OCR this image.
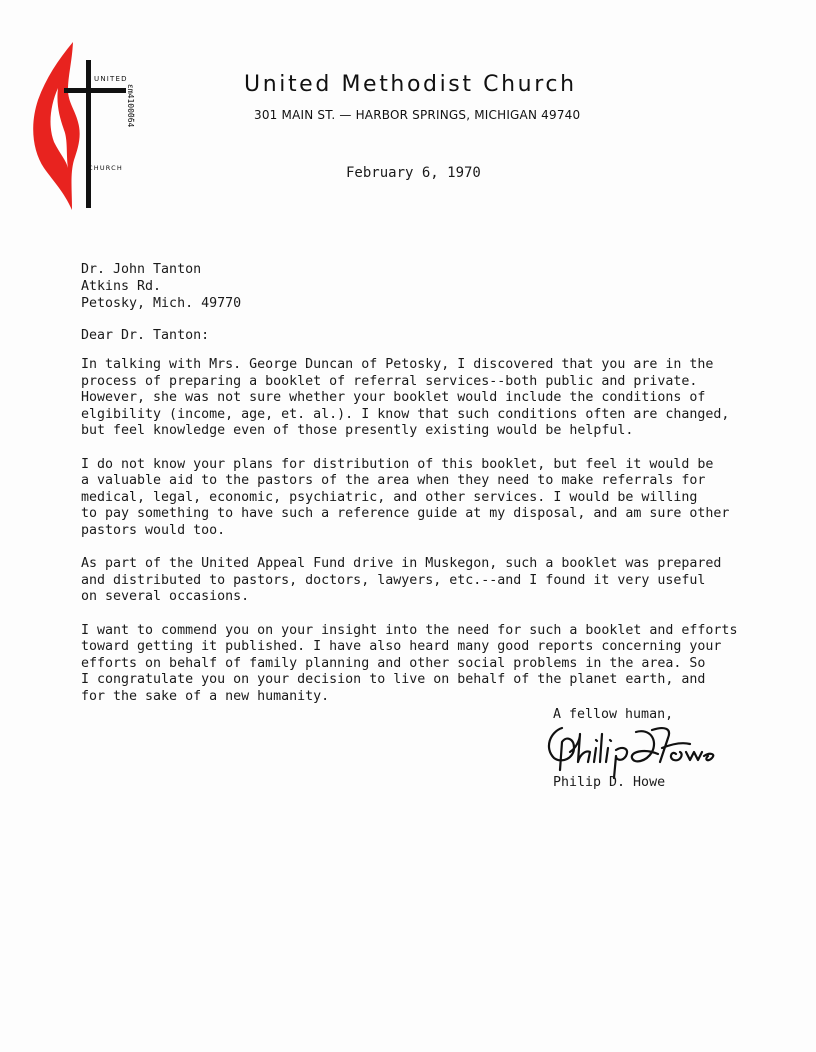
UNITED
CHURCH
ɛm4100̈0̈64	United Methodist Church
301 MAIN ST. — HARBOR SPRINGS, MICHIGAN 49740
February 6, 1970
Dr. John Tanton
Atkins Rd.
Petosky, Mich. 49770
Dear Dr. Tanton:
In talking with Mrs. George Duncan of Petosky, I discovered that you are in the
process of preparing a booklet of referral services--both public and private.
However, she was not sure whether your booklet would include the conditions of
elgibility (income, age, et. al.). I know that such conditions often are changed,
but feel knowledge even of those presently existing would be helpful.
I do not know your plans for distribution of this booklet, but feel it would be
a valuable aid to the pastors of the area when they need to make referrals for
medical, legal, economic, psychiatric, and other services. I would be willing
to pay something to have such a reference guide at my disposal, and am sure other
pastors would too.
As part of the United Appeal Fund drive in Muskegon, such a booklet was prepared
and distributed to pastors, doctors, lawyers, etc.--and I found it very useful
on several occasions.
I want to commend you on your insight into the need for such a booklet and efforts
toward getting it published. I have also heard many good reports concerning your
efforts on behalf of family planning and other social problems in the area. So
I congratulate you on your decision to live on behalf of the planet earth, and
for the sake of a new humanity.
A fellow human,
Philip D. Howe
